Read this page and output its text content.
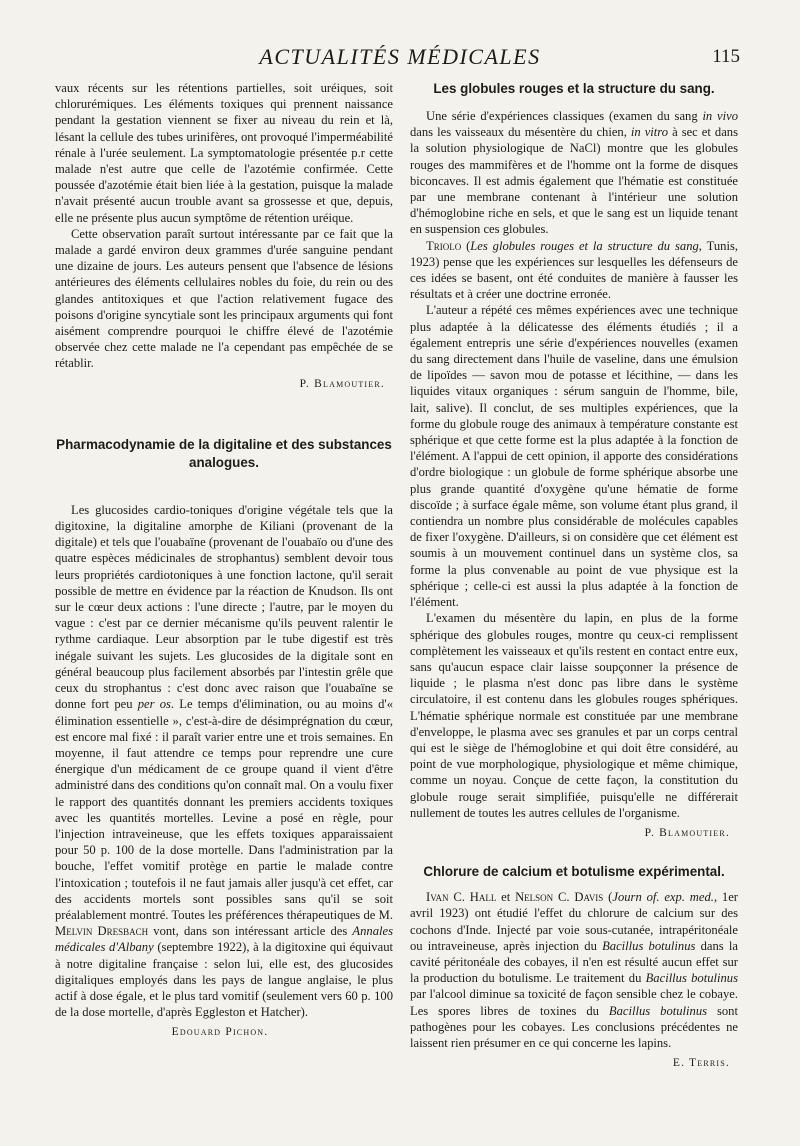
ACTUALITÉS MÉDICALES	115

vaux récents sur les rétentions partielles, soit uréiques, soit chlorurémiques. Les éléments toxiques qui prennent naissance pendant la gestation viennent se fixer au niveau du rein et là, lésant la cellule des tubes urinifères, ont provoqué l'imperméabilité rénale à l'urée seulement. La symptomatologie présentée p.r cette malade n'est autre que celle de l'azotémie confirmée. Cette poussée d'azotémie était bien liée à la gestation, puisque la malade n'avait présenté aucun trouble avant sa grossesse et que, depuis, elle ne présente plus aucun symptôme de rétention uréique.

Cette observation paraît surtout intéressante par ce fait que la malade a gardé environ deux grammes d'urée sanguine pendant une dizaine de jours. Les auteurs pensent que l'absence de lésions antérieures des éléments cellulaires nobles du foie, du rein ou des glandes antitoxiques et que l'action relativement fugace des poisons d'origine syncytiale sont les principaux arguments qui font aisément comprendre pourquoi le chiffre élevé de l'azotémie observée chez cette malade ne l'a cependant pas empêchée de se rétablir.

P. Blamoutier.
Pharmacodynamie de la digitaline et des substances analogues.

Les glucosides cardio-toniques d'origine végétale tels que la digitoxine, la digitaline amorphe de Kiliani (provenant de la digitale) et tels que l'ouabaïne (provenant de l'ouabaïo ou d'une des quatre espèces médicinales de strophantus) semblent devoir tous leurs propriétés cardiotoniques à une fonction lactone, qu'il serait possible de mettre en évidence par la réaction de Knudson. Ils ont sur le cœur deux actions : l'une directe ; l'autre, par le moyen du vague : c'est par ce dernier mécanisme qu'ils peuvent ralentir le rythme cardiaque. Leur absorption par le tube digestif est très inégale suivant les sujets. Les glucosides de la digitale sont en général beaucoup plus facilement absorbés par l'intestin grêle que ceux du strophantus : c'est donc avec raison que l'ouabaïne se donne fort peu per os. Le temps d'élimination, ou au moins d'« élimination essentielle », c'est-à-dire de désimprégnation du cœur, est encore mal fixé : il paraît varier entre une et trois semaines. En moyenne, il faut attendre ce temps pour reprendre une cure énergique d'un médicament de ce groupe quand il vient d'être administré dans des conditions qu'on connaît mal. On a voulu fixer le rapport des quantités donnant les premiers accidents toxiques avec les quantités mortelles. Levine a posé en règle, pour l'injection intraveineuse, que les effets toxiques apparaissaient pour 50 p. 100 de la dose mortelle. Dans l'administration par la bouche, l'effet vomitif protège en partie le malade contre l'intoxication ; toutefois il ne faut jamais aller jusqu'à cet effet, car des accidents mortels sont possibles sans qu'il se soit préalablement montré. Toutes les préférences thérapeutiques de M. Melvin Dresbach vont, dans son intéressant article des Annales médicales d'Albany (septembre 1922), à la digitoxine qui équivaut à notre digitaline française : selon lui, elle est, des glucosides digitaliques employés dans les pays de langue anglaise, le plus actif à dose égale, et le plus tard vomitif (seulement vers 60 p. 100 de la dose mortelle, d'après Eggleston et Hatcher).

Edouard Pichon.
Les globules rouges et la structure du sang.

Une série d'expériences classiques (examen du sang in vivo dans les vaisseaux du mésentère du chien, in vitro à sec et dans la solution physiologique de NaCl) montre que les globules rouges des mammifères et de l'homme ont la forme de disques biconcaves. Il est admis également que l'hématie est constituée par une membrane contenant à l'intérieur une solution d'hémoglobine riche en sels, et que le sang est un liquide tenant en suspension ces globules.

Triolo (Les globules rouges et la structure du sang, Tunis, 1923) pense que les expériences sur lesquelles les défenseurs de ces idées se basent, ont été conduites de manière à fausser les résultats et à créer une doctrine erronée.

L'auteur a répété ces mêmes expériences avec une technique plus adaptée à la délicatesse des éléments étudiés ; il a également entrepris une série d'expériences nouvelles (examen du sang directement dans l'huile de vaseline, dans une émulsion de lipoïdes — savon mou de potasse et lécithine, — dans les liquides vitaux organiques : sérum sanguin de l'homme, bile, lait, salive). Il conclut, de ses multiples expériences, que la forme du globule rouge des animaux à température constante est sphérique et que cette forme est la plus adaptée à la fonction de l'élément. A l'appui de cett opinion, il apporte des considérations d'ordre biologique : un globule de forme sphérique absorbe une plus grande quantité d'oxygène qu'une hématie de forme discoïde ; à surface égale même, son volume étant plus grand, il contiendra un nombre plus considérable de molécules capables de fixer l'oxygène. D'ailleurs, si on considère que cet élément est soumis à un mouvement continuel dans un système clos, sa forme la plus convenable au point de vue physique est la sphérique ; celle-ci est aussi la plus adaptée à la fonction de l'élément.

L'examen du mésentère du lapin, en plus de la forme sphérique des globules rouges, montre qu ceux-ci remplissent complètement les vaisseaux et qu'ils restent en contact entre eux, sans qu'aucun espace clair laisse soupçonner la présence de liquide ; le plasma n'est donc pas libre dans le système circulatoire, il est contenu dans les globules rouges sphériques. L'hématie sphérique normale est constituée par une membrane d'enveloppe, le plasma avec ses granules et par un corps central qui est le siège de l'hémoglobine et qui doit être considéré, au point de vue morphologique, physiologique et même chimique, comme un noyau. Conçue de cette façon, la constitution du globule rouge serait simplifiée, puisqu'elle ne différerait nullement de toutes les autres cellules de l'organisme.

P. Blamoutier.
Chlorure de calcium et botulisme expérimental.

Ivan C. Hall et Nelson C. Davis (Journ of. exp. med., 1er avril 1923) ont étudié l'effet du chlorure de calcium sur des cochons d'Inde. Injecté par voie sous-cutanée, intrapéritonéale ou intraveineuse, après injection du Bacillus botulinus dans la cavité péritonéale des cobayes, il n'en est résulté aucun effet sur la production du botulisme. Le traitement du Bacillus botulinus par l'alcool diminue sa toxicité de façon sensible chez le cobaye. Les spores libres de toxines du Bacillus botulinus sont pathogènes pour les cobayes. Les conclusions précédentes ne laissent rien présumer en ce qui concerne les lapins.

E. Terris.
